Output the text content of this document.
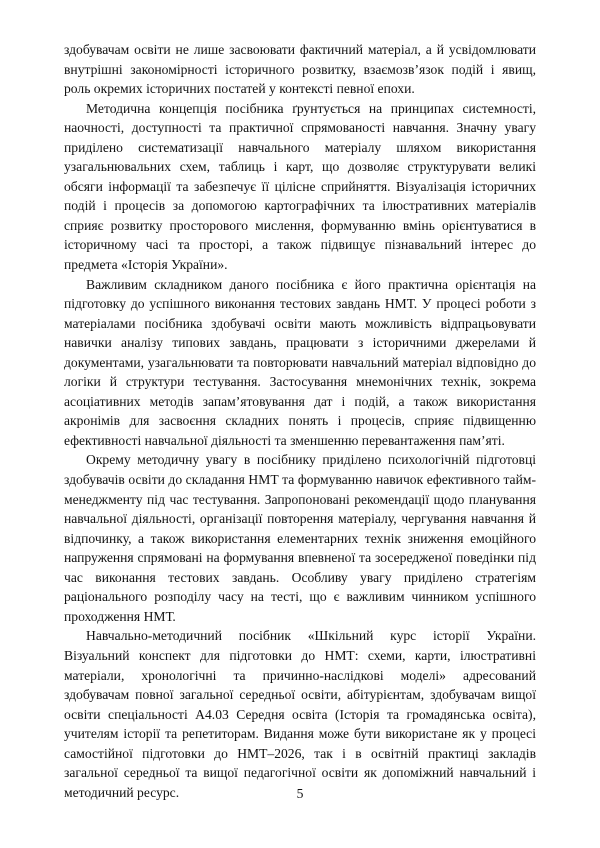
здобувачам освіти не лише засвоювати фактичний матеріал, а й усвідомлювати внутрішні закономірності історичного розвитку, взаємозв’язок подій і явищ, роль окремих історичних постатей у контексті певної епохи.

Методична концепція посібника ґрунтується на принципах системності, наочності, доступності та практичної спрямованості навчання. Значну увагу приділено систематизації навчального матеріалу шляхом використання узагальнювальних схем, таблиць і карт, що дозволяє структурувати великі обсяги інформації та забезпечує її цілісне сприйняття. Візуалізація історичних подій і процесів за допомогою картографічних та ілюстративних матеріалів сприяє розвитку просторового мислення, формуванню вмінь орієнтуватися в історичному часі та просторі, а також підвищує пізнавальний інтерес до предмета «Історія України».

Важливим складником даного посібника є його практична орієнтація на підготовку до успішного виконання тестових завдань НМТ. У процесі роботи з матеріалами посібника здобувачі освіти мають можливість відпрацьовувати навички аналізу типових завдань, працювати з історичними джерелами й документами, узагальнювати та повторювати навчальний матеріал відповідно до логіки й структури тестування. Застосування мнемонічних технік, зокрема асоціативних методів запам’ятовування дат і подій, а також використання акронімів для засвоєння складних понять і процесів, сприяє підвищенню ефективності навчальної діяльності та зменшенню перевантаження пам’яті.

Окрему методичну увагу в посібнику приділено психологічній підготовці здобувачів освіти до складання НМТ та формуванню навичок ефективного тайм-менеджменту під час тестування. Запропоновані рекомендації щодо планування навчальної діяльності, організації повторення матеріалу, чергування навчання й відпочинку, а також використання елементарних технік зниження емоційного напруження спрямовані на формування впевненої та зосередженої поведінки під час виконання тестових завдань. Особливу увагу приділено стратегіям раціонального розподілу часу на тесті, що є важливим чинником успішного проходження НМТ.

Навчально-методичний посібник «Шкільний курс історії України. Візуальний конспект для підготовки до НМТ: схеми, карти, ілюстративні матеріали, хронологічні та причинно-наслідкові моделі» адресований здобувачам повної загальної середньої освіти, абітурієнтам, здобувачам вищої освіти спеціальності А4.03 Середня освіта (Історія та громадянська освіта), учителям історії та репетиторам. Видання може бути використане як у процесі самостійної підготовки до НМТ–2026, так і в освітній практиці закладів загальної середньої та вищої педагогічної освіти як допоміжний навчальний і методичний ресурс.	5
